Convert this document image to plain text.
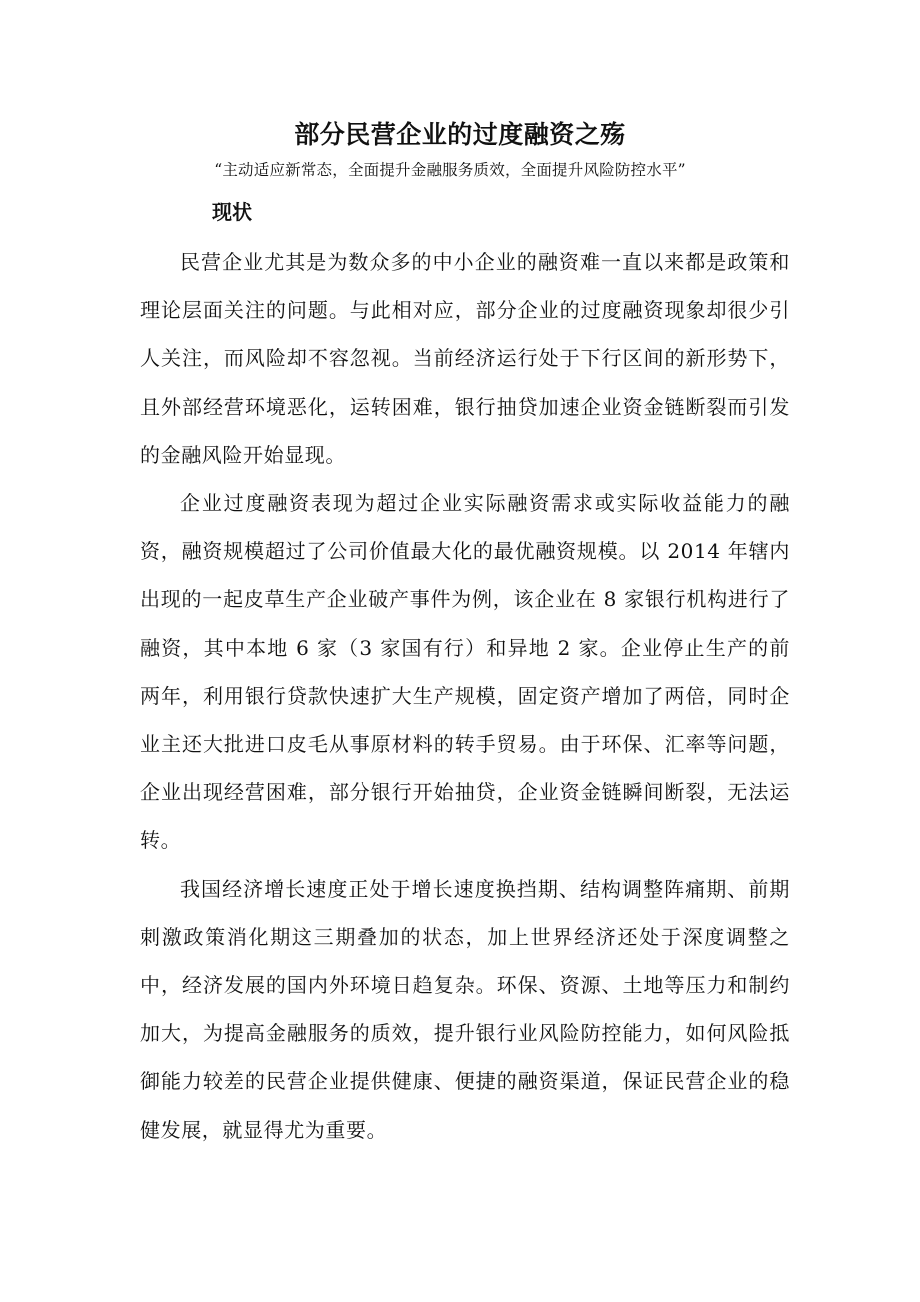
部分民营企业的过度融资之殇
“主动适应新常态，全面提升金融服务质效，全面提升风险防控水平”
现状

民营企业尤其是为数众多的中小企业的融资难一直以来都是政策和理论层面关注的问题。与此相对应，部分企业的过度融资现象却很少引人关注，而风险却不容忽视。当前经济运行处于下行区间的新形势下，且外部经营环境恶化，运转困难，银行抽贷加速企业资金链断裂而引发的金融风险开始显现。

企业过度融资表现为超过企业实际融资需求或实际收益能力的融资，融资规模超过了公司价值最大化的最优融资规模。以 2014 年辖内出现的一起皮草生产企业破产事件为例，该企业在 8 家银行机构进行了融资，其中本地 6 家（3 家国有行）和异地 2 家。企业停止生产的前两年，利用银行贷款快速扩大生产规模，固定资产增加了两倍，同时企业主还大批进口皮毛从事原材料的转手贸易。由于环保、汇率等问题，企业出现经营困难，部分银行开始抽贷，企业资金链瞬间断裂，无法运转。

我国经济增长速度正处于增长速度换挡期、结构调整阵痛期、前期刺激政策消化期这三期叠加的状态，加上世界经济还处于深度调整之中，经济发展的国内外环境日趋复杂。环保、资源、土地等压力和制约加大，为提高金融服务的质效，提升银行业风险防控能力，如何风险抵御能力较差的民营企业提供健康、便捷的融资渠道，保证民营企业的稳健发展，就显得尤为重要。
